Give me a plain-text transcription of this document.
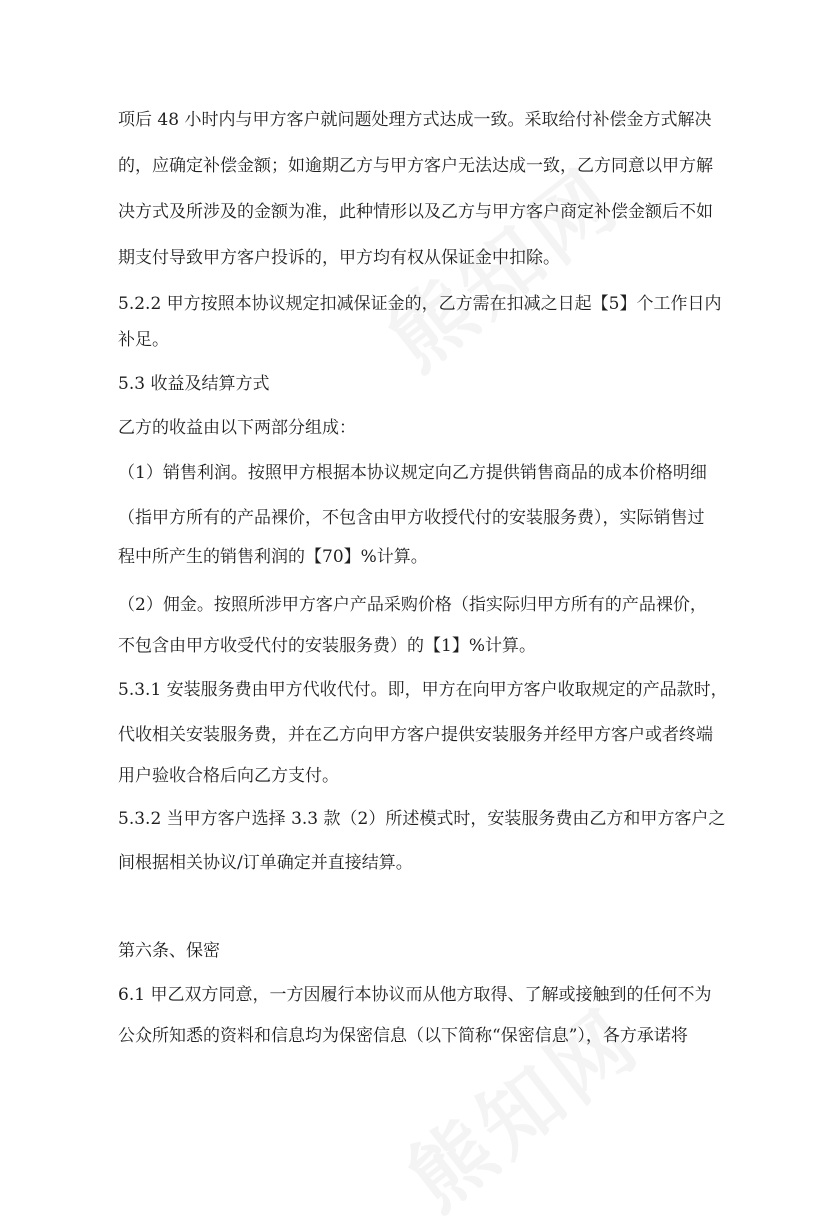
项后 48 小时内与甲方客户就问题处理方式达成一致。采取给付补偿金方式解决
的，应确定补偿金额；如逾期乙方与甲方客户无法达成一致，乙方同意以甲方解
决方式及所涉及的金额为准，此种情形以及乙方与甲方客户商定补偿金额后不如
期支付导致甲方客户投诉的，甲方均有权从保证金中扣除。
5.2.2 甲方按照本协议规定扣减保证金的，乙方需在扣减之日起【5】个工作日内
补足。
5.3 收益及结算方式
乙方的收益由以下两部分组成：
（1）销售利润。按照甲方根据本协议规定向乙方提供销售商品的成本价格明细
（指甲方所有的产品裸价，不包含由甲方收授代付的安装服务费），实际销售过
程中所产生的销售利润的【70】%计算。
（2）佣金。按照所涉甲方客户产品采购价格（指实际归甲方所有的产品裸价，
不包含由甲方收受代付的安装服务费）的【1】%计算。
5.3.1 安装服务费由甲方代收代付。即，甲方在向甲方客户收取规定的产品款时，
代收相关安装服务费，并在乙方向甲方客户提供安装服务并经甲方客户或者终端
用户验收合格后向乙方支付。
5.3.2 当甲方客户选择 3.3 款（2）所述模式时，安装服务费由乙方和甲方客户之
间根据相关协议/订单确定并直接结算。
第六条、保密
6.1 甲乙双方同意，一方因履行本协议而从他方取得、了解或接触到的任何不为
公众所知悉的资料和信息均为保密信息（以下简称“保密信息”），各方承诺将
